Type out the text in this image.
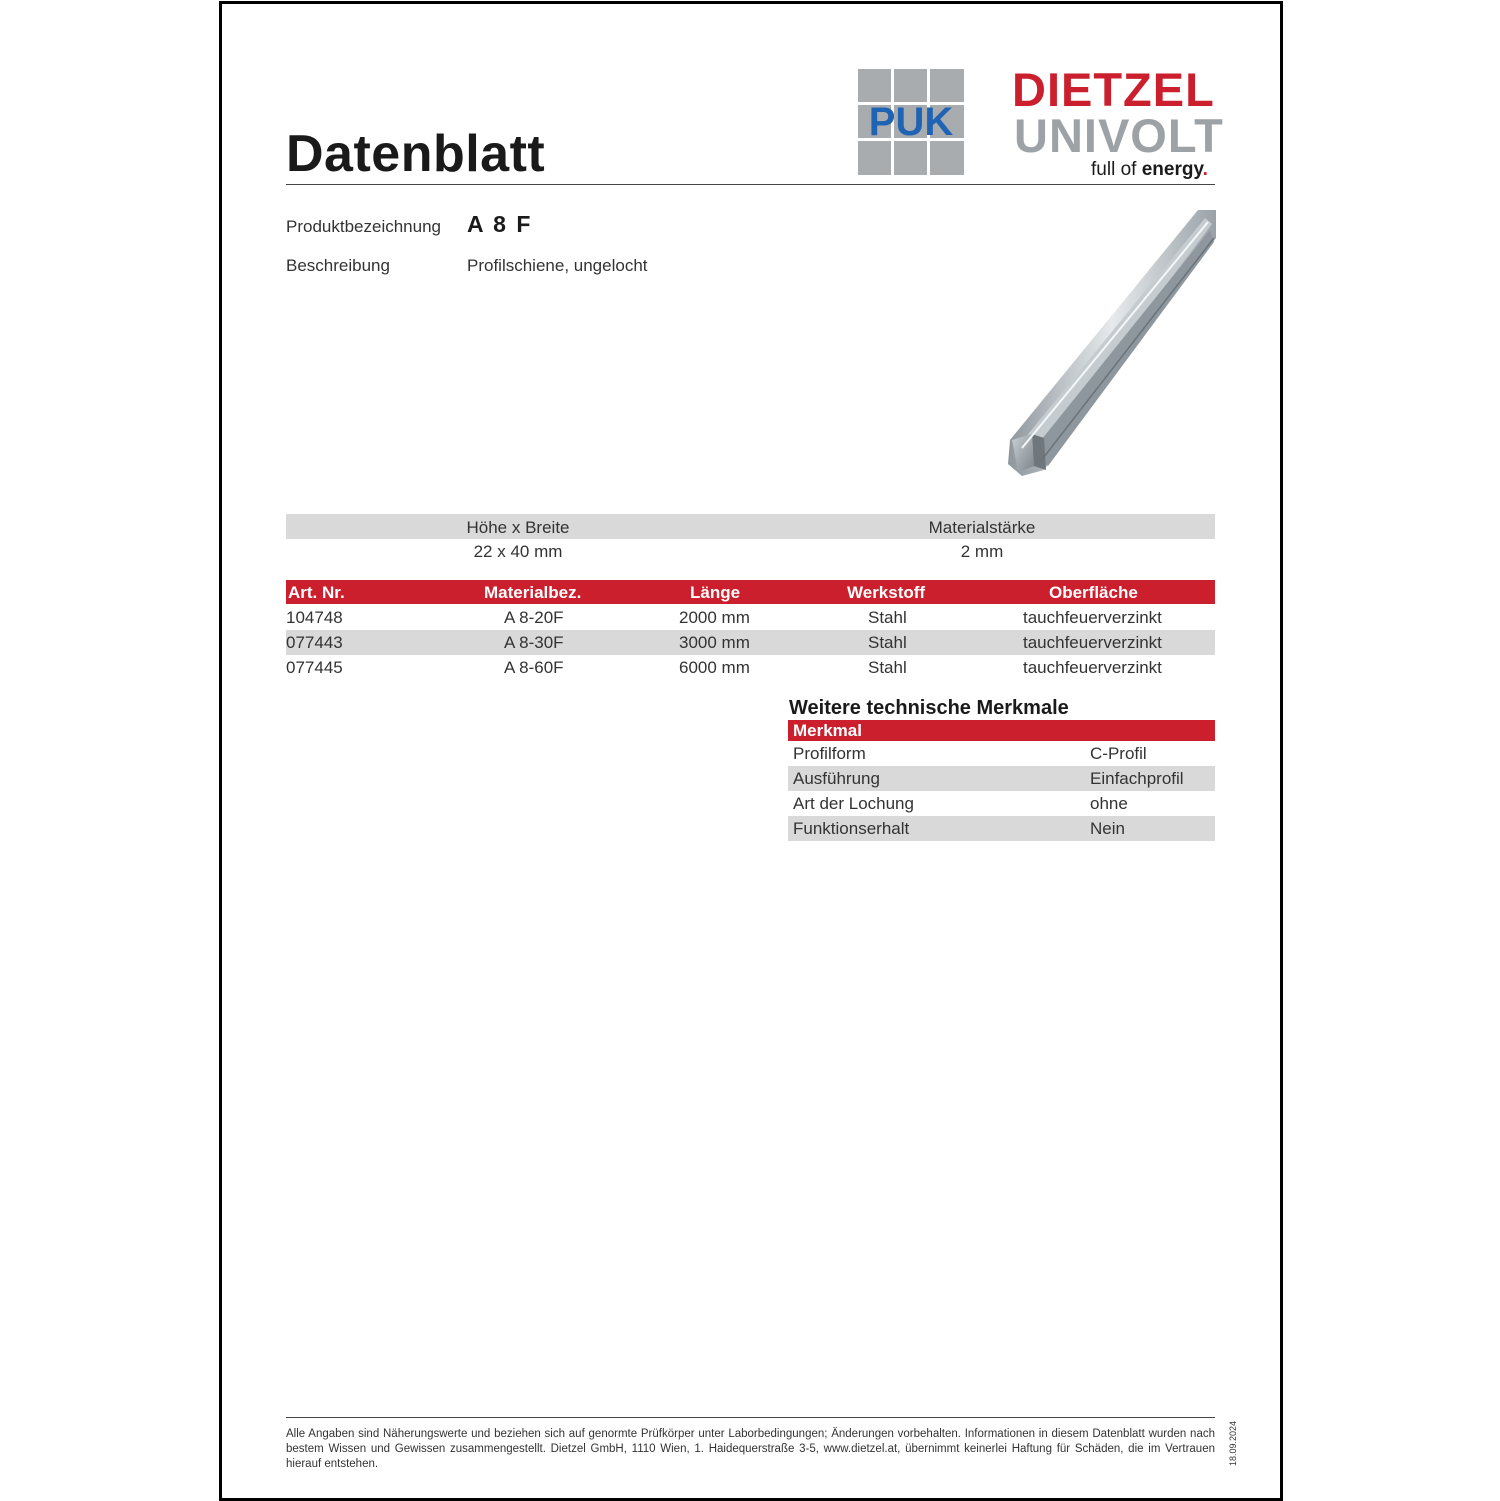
Datenblatt
PUK
DIETZEL
UNIVOLT
full of energy.
Produktbezeichnung A 8 F
Beschreibung	Profilschiene, ungelocht
Höhe x Breite	Materialstärke
22 x 40 mm	2 mm
Art. Nr.	Materialbez.	Länge	Werkstoff	Oberfläche
104748	A 8-20F	2000 mm	Stahl	tauchfeuerverzinkt
077443	A 8-30F	3000 mm	Stahl	tauchfeuerverzinkt
077445	A 8-60F	6000 mm	Stahl	tauchfeuerverzinkt
Weitere technische Merkmale
Merkmal
Profilform	C-Profil
Ausführung	Einfachprofil
Art der Lochung	ohne
Funktionserhalt	Nein
Alle Angaben sind Näherungswerte und beziehen sich auf genormte Prüfkörper unter Laborbedingungen; Änderungen vorbehalten. Informationen in diesem Datenblatt wurden nach bestem Wissen und Gewissen zusammengestellt. Dietzel GmbH, 1110 Wien, 1. Haidequerstraße 3-5, www.dietzel.at, übernimmt keinerlei Haftung für Schäden, die im Vertrauen hierauf entstehen.	18.09.2024
